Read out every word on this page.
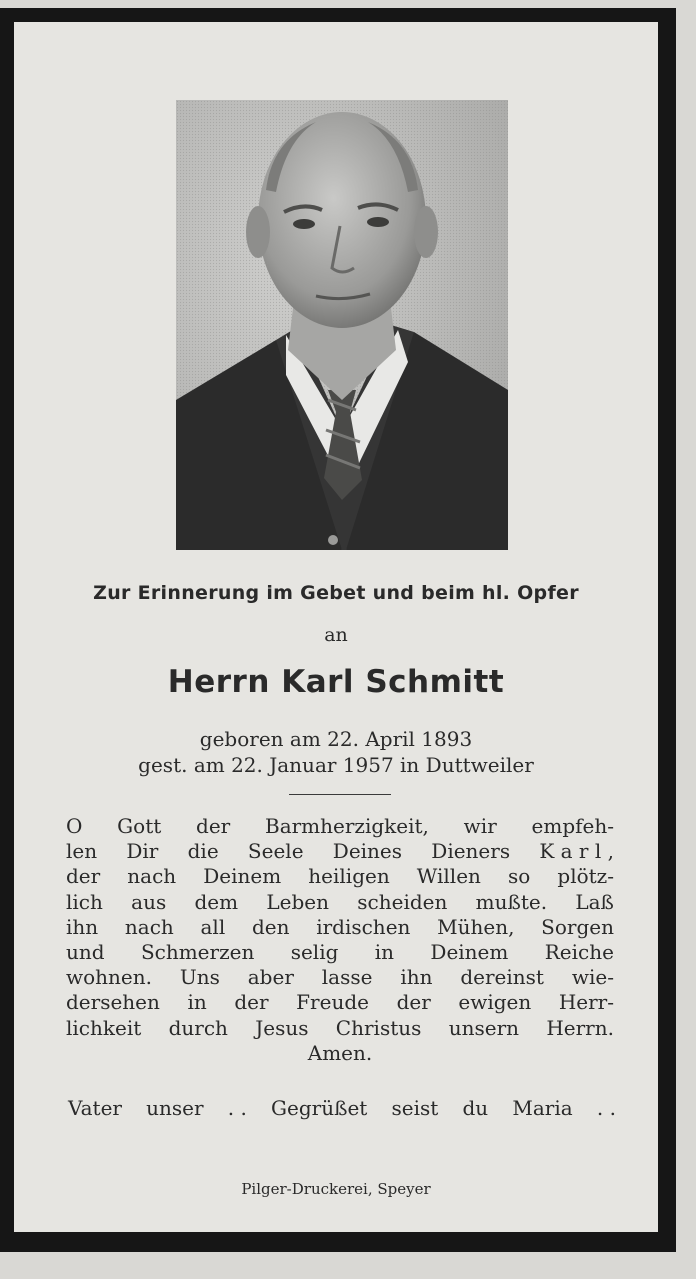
Zur Erinnerung im Gebet und beim hl. Opfer

an

Herrn Karl Schmitt

geboren am 22. April 1893

gest. am 22. Januar 1957 in Duttweiler

O Gott der Barmherzigkeit, wir empfeh-
len Dir die Seele Deines Dieners K a r l ,
der nach Deinem heiligen Willen so plötz-
lich aus dem Leben scheiden mußte. Laß
ihn nach all den irdischen Mühen, Sorgen
und Schmerzen selig in Deinem Reiche
wohnen. Uns aber lasse ihn dereinst wie-
dersehen in der Freude der ewigen Herr-
lichkeit durch Jesus Christus unsern Herrn.
Amen.
Vater unser . . Gegrüßet seist du Maria . .

Pilger-Druckerei, Speyer
